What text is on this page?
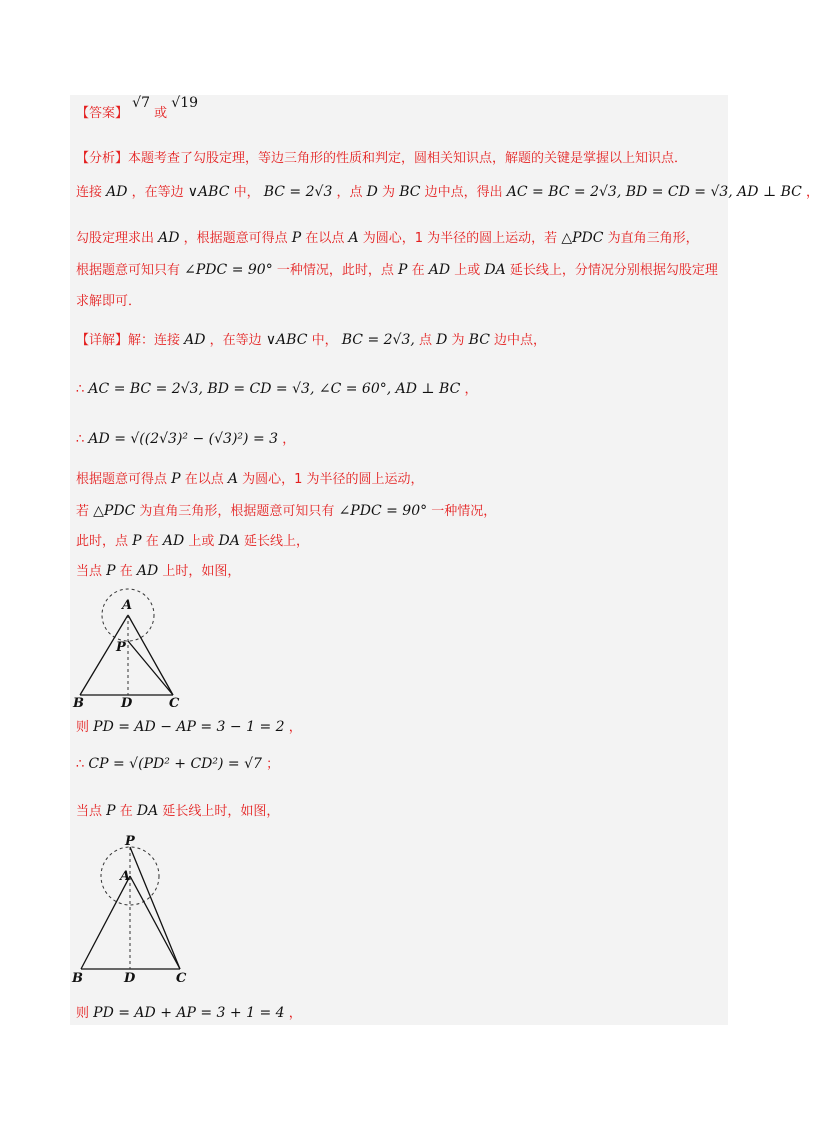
【答案】 √7 或 √19
【分析】本题考查了勾股定理，等边三角形的性质和判定，圆相关知识点，解题的关键是掌握以上知识点．
连接 AD ，在等边 ∨ABC 中， BC = 2√3 ，点 D 为 BC 边中点，得出 AC = BC = 2√3, BD = CD = √3, AD ⊥ BC ，
勾股定理求出 AD ，根据题意可得点 P 在以点 A 为圆心，1 为半径的圆上运动，若 △PDC 为直角三角形，
根据题意可知只有 ∠PDC = 90° 一种情况，此时，点 P 在 AD 上或 DA 延长线上，分情况分别根据勾股定理
求解即可．
【详解】解：连接 AD ，在等边 ∨ABC 中， BC = 2√3, 点 D 为 BC 边中点，
∴ AC = BC = 2√3, BD = CD = √3, ∠C = 60°, AD ⊥ BC ，
∴ AD = √((2√3)² − (√3)²) = 3 ，
根据题意可得点 P 在以点 A 为圆心，1 为半径的圆上运动，
若 △PDC 为直角三角形，根据题意可知只有 ∠PDC = 90° 一种情况，
此时，点 P 在 AD 上或 DA 延长线上，
当点 P 在 AD 上时，如图，
A
P
B	D	C
则 PD = AD − AP = 3 − 1 = 2 ，
∴ CP = √(PD² + CD²) = √7 ；
当点 P 在 DA 延长线上时，如图，
P
A
B	D	C
则 PD = AD + AP = 3 + 1 = 4 ，
